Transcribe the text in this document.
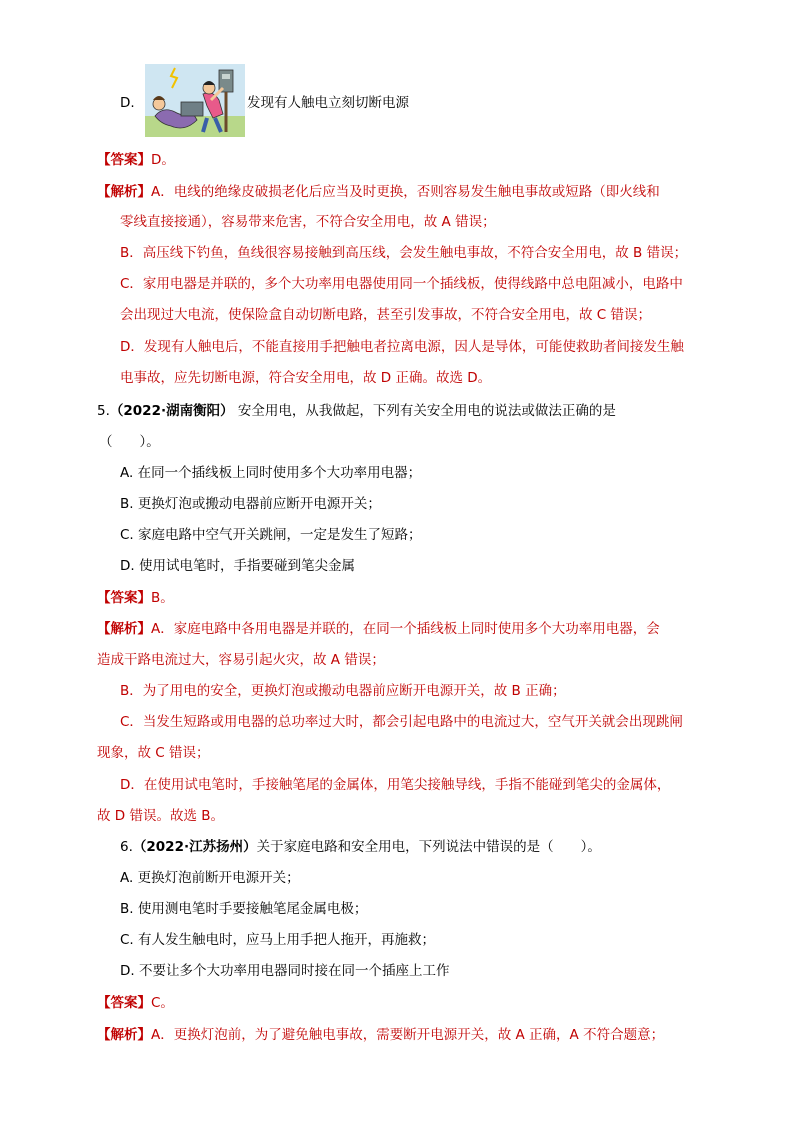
D.	发现有人触电立刻切断电源
【答案】D。
【解析】A．电线的绝缘皮破损老化后应当及时更换，否则容易发生触电事故或短路（即火线和
零线直接接通），容易带来危害，不符合安全用电，故 A 错误；
B．高压线下钓鱼，鱼线很容易接触到高压线，会发生触电事故，不符合安全用电，故 B 错误；
C．家用电器是并联的，多个大功率用电器使用同一个插线板，使得线路中总电阻减小，电路中
会出现过大电流，使保险盒自动切断电路，甚至引发事故，不符合安全用电，故 C 错误；
D．发现有人触电后，不能直接用手把触电者拉离电源，因人是导体，可能使救助者间接发生触
电事故，应先切断电源，符合安全用电，故 D 正确。故选 D。
5.（2022·湖南衡阳） 安全用电，从我做起，下列有关安全用电的说法或做法正确的是
（　　）。
A. 在同一个插线板上同时使用多个大功率用电器；
B. 更换灯泡或搬动电器前应断开电源开关；
C. 家庭电路中空气开关跳闸，一定是发生了短路；
D. 使用试电笔时，手指要碰到笔尖金属
【答案】B。
【解析】A．家庭电路中各用电器是并联的，在同一个插线板上同时使用多个大功率用电器，会
造成干路电流过大，容易引起火灾，故 A 错误；
B．为了用电的安全，更换灯泡或搬动电器前应断开电源开关，故 B 正确；
C．当发生短路或用电器的总功率过大时，都会引起电路中的电流过大，空气开关就会出现跳闸
现象，故 C 错误；
D．在使用试电笔时，手接触笔尾的金属体，用笔尖接触导线，手指不能碰到笔尖的金属体，
故 D 错误。故选 B。
6.（2022·江苏扬州）关于家庭电路和安全用电，下列说法中错误的是（　　）。
A. 更换灯泡前断开电源开关；
B. 使用测电笔时手要接触笔尾金属电极；
C. 有人发生触电时，应马上用手把人拖开，再施救；
D. 不要让多个大功率用电器同时接在同一个插座上工作
【答案】C。
【解析】A．更换灯泡前，为了避免触电事故，需要断开电源开关，故 A 正确，A 不符合题意；
